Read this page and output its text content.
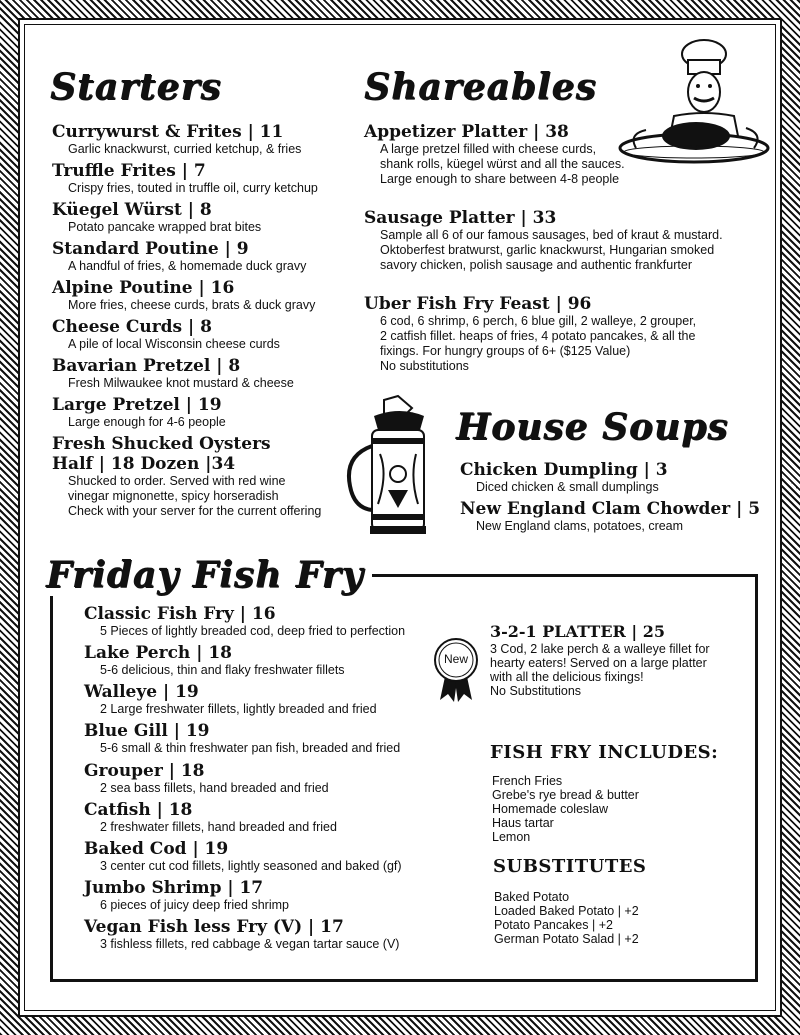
Starters
Currywurst & Frites | 11
Garlic knackwurst, curried ketchup, & fries
Truffle Frites | 7
Crispy fries, touted in truffle oil, curry ketchup
Küegel Würst | 8
Potato pancake wrapped brat bites
Standard Poutine | 9
A handful of fries, & homemade duck gravy
Alpine Poutine | 16
More fries, cheese curds, brats & duck gravy
Cheese Curds | 8
A pile of local Wisconsin cheese curds
Bavarian Pretzel | 8
Fresh Milwaukee knot mustard & cheese
Large Pretzel | 19
Large enough for 4-6 people
Fresh Shucked Oysters
Half | 18 Dozen |34
Shucked to order. Served with red wine
vinegar mignonette, spicy horseradish
Check with your server for the current offering
Shareables
Appetizer Platter | 38
A large pretzel filled with cheese curds,
shank rolls, küegel würst and all the sauces.
Large enough to share between 4-8 people
Sausage Platter | 33
Sample all 6 of our famous sausages, bed of kraut & mustard.
Oktoberfest bratwurst, garlic knackwurst, Hungarian smoked
savory chicken, polish sausage and authentic frankfurter
Uber Fish Fry Feast | 96
6 cod, 6 shrimp, 6 perch, 6 blue gill, 2 walleye, 2 grouper,
2 catfish fillet. heaps of fries, 4 potato pancakes, & all the
fixings. For hungry groups of 6+ ($125 Value)
No substitutions
House Soups
Chicken Dumpling | 3
Diced chicken & small dumplings
New England Clam Chowder | 5
New England clams, potatoes, cream
Friday Fish Fry
Classic Fish Fry | 16
5 Pieces of lightly breaded cod, deep fried to perfection
Lake Perch | 18
5-6 delicious, thin and flaky freshwater fillets
Walleye | 19
2 Large freshwater fillets, lightly breaded and fried
Blue Gill | 19
5-6 small & thin freshwater pan fish, breaded and fried
Grouper | 18
2 sea bass fillets, hand breaded and fried
Catfish | 18
2 freshwater fillets, hand breaded and fried
Baked Cod | 19
3 center cut cod fillets, lightly seasoned and baked (gf)
Jumbo Shrimp | 17
6 pieces of juicy deep fried shrimp
Vegan Fish less Fry (V) | 17
3 fishless fillets, red cabbage & vegan tartar sauce (V)
New
3-2-1 PLATTER | 25
3 Cod, 2 lake perch & a walleye fillet for
hearty eaters! Served on a large platter
with all the delicious fixings!
No Substitutions
FISH FRY INCLUDES:
French Fries
Grebe's rye bread & butter
Homemade coleslaw
Haus tartar
Lemon
SUBSTITUTES
Baked Potato
Loaded Baked Potato | +2
Potato Pancakes | +2
German Potato Salad | +2
